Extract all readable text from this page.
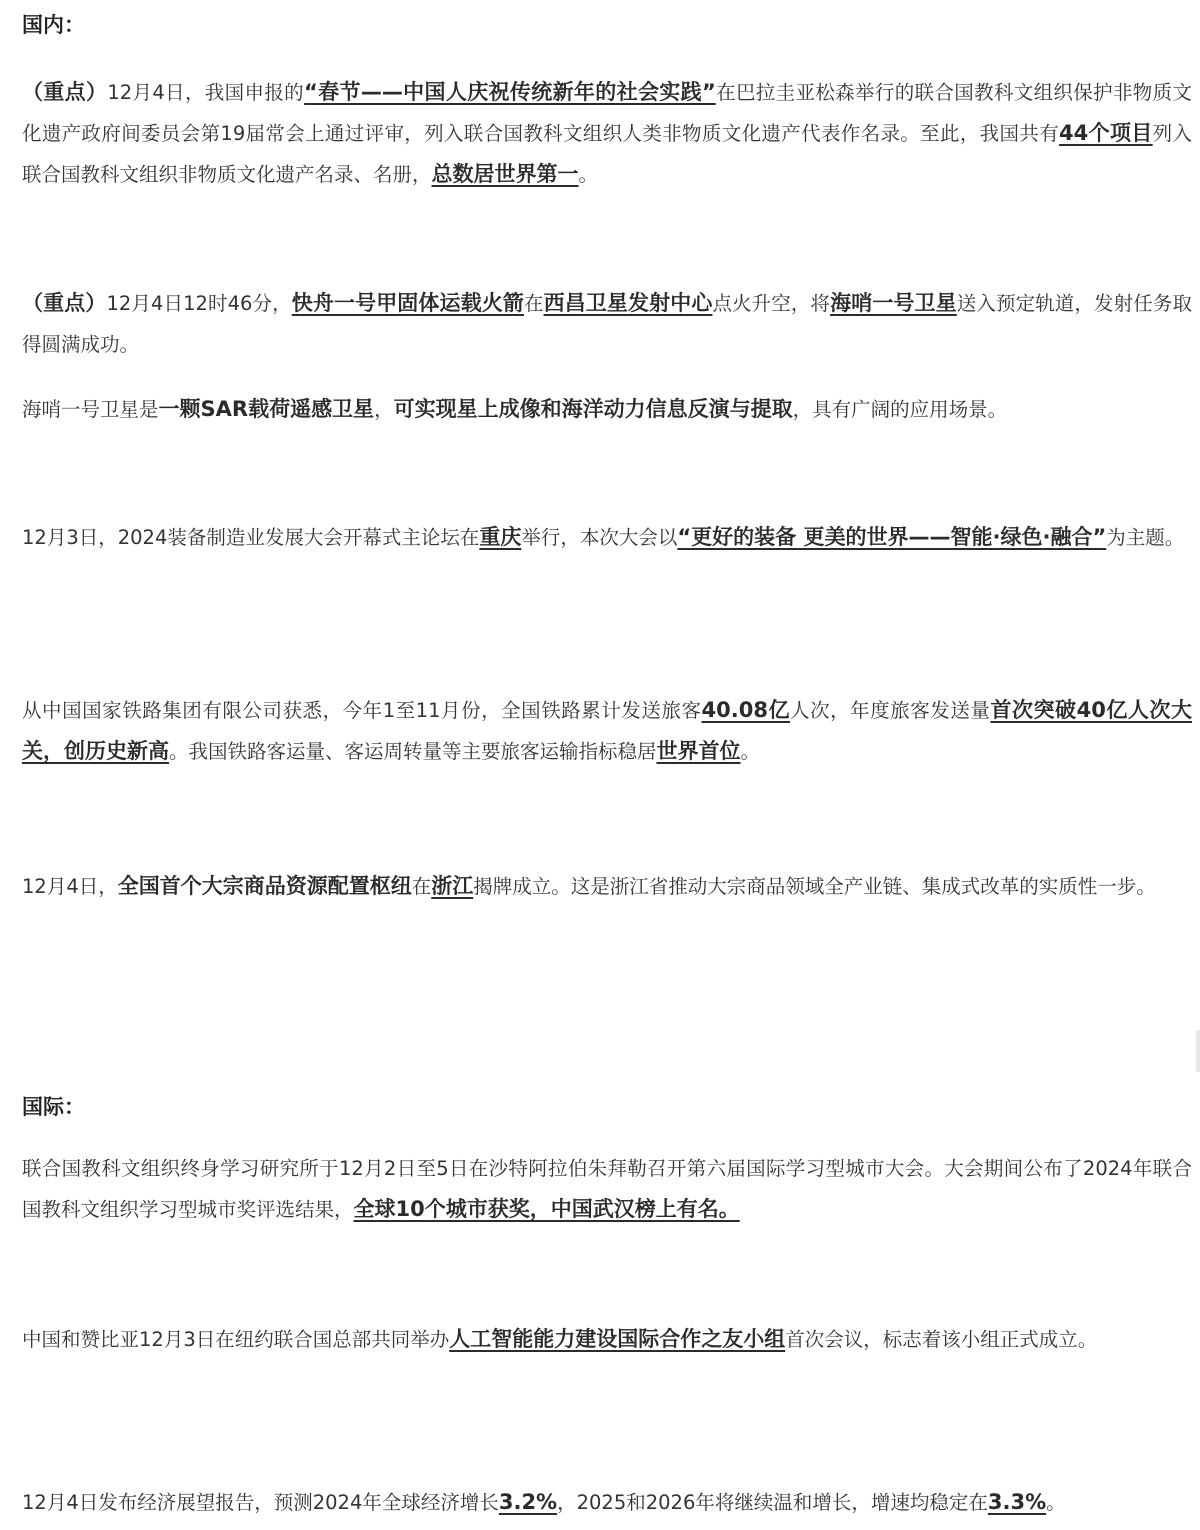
国内：

（重点）12月4日，我国申报的“春节——中国人庆祝传统新年的社会实践”在巴拉圭亚松森举行的联合国教科文组织保护非物质文化遗产政府间委员会第19届常会上通过评审，列入联合国教科文组织人类非物质文化遗产代表作名录。至此，我国共有44个项目列入联合国教科文组织非物质文化遗产名录、名册，总数居世界第一。

（重点）12月4日12时46分，快舟一号甲固体运载火箭在西昌卫星发射中心点火升空，将海哨一号卫星送入预定轨道，发射任务取得圆满成功。

海哨一号卫星是一颗SAR载荷遥感卫星，可实现星上成像和海洋动力信息反演与提取，具有广阔的应用场景。

12月3日，2024装备制造业发展大会开幕式主论坛在重庆举行，本次大会以“更好的装备 更美的世界——智能·绿色·融合”为主题。

从中国国家铁路集团有限公司获悉，今年1至11月份，全国铁路累计发送旅客40.08亿人次，年度旅客发送量首次突破40亿人次大关，创历史新高。我国铁路客运量、客运周转量等主要旅客运输指标稳居世界首位。

12月4日，全国首个大宗商品资源配置枢纽在浙江揭牌成立。这是浙江省推动大宗商品领域全产业链、集成式改革的实质性一步。

国际：

联合国教科文组织终身学习研究所于12月2日至5日在沙特阿拉伯朱拜勒召开第六届国际学习型城市大会。大会期间公布了2024年联合国教科文组织学习型城市奖评选结果，全球10个城市获奖，中国武汉榜上有名。

中国和赞比亚12月3日在纽约联合国总部共同举办人工智能能力建设国际合作之友小组首次会议，标志着该小组正式成立。

12月4日发布经济展望报告，预测2024年全球经济增长3.2%，2025和2026年将继续温和增长，增速均稳定在3.3%。
